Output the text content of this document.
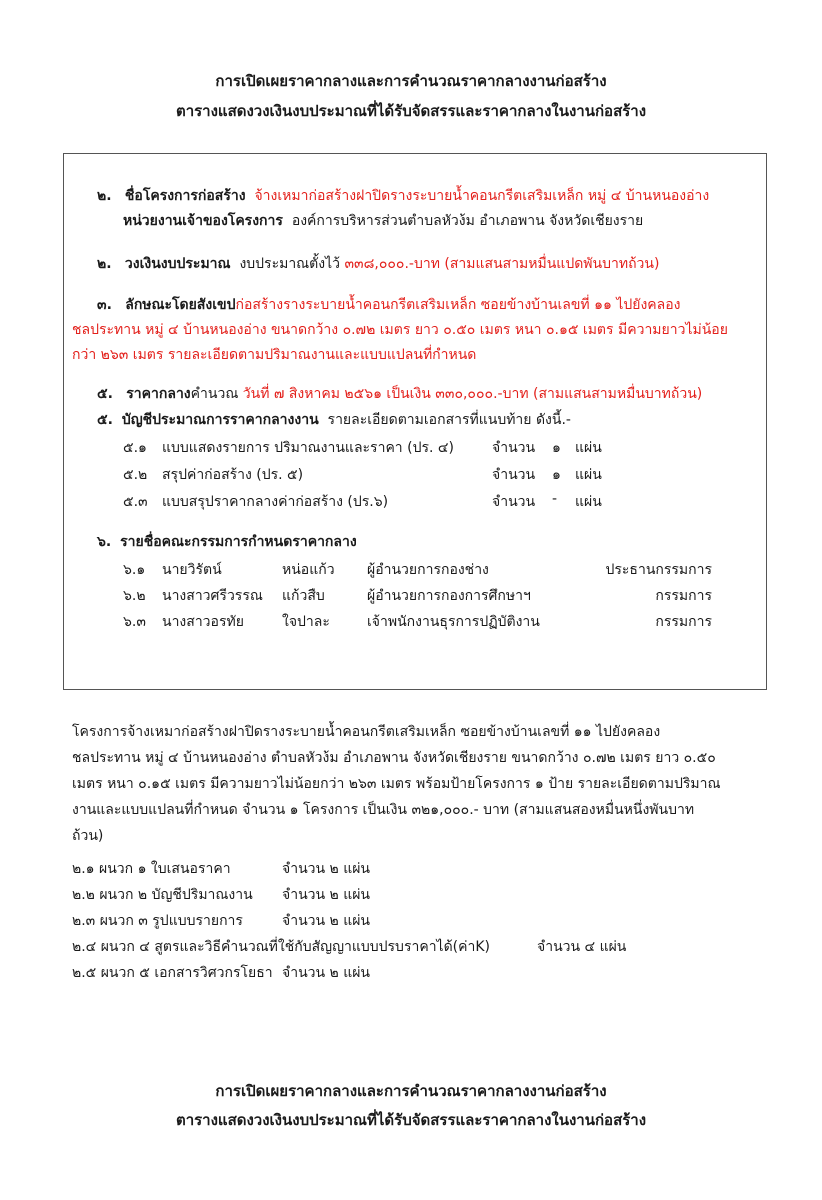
การเปิดเผยราคากลางและการคำนวณราคากลางงานก่อสร้าง
ตารางแสดงวงเงินงบประมาณที่ได้รับจัดสรรและราคากลางในงานก่อสร้าง
๒. ชื่อโครงการก่อสร้าง จ้างเหมาก่อสร้างฝาปิดรางระบายน้ำคอนกรีตเสริมเหล็ก หมู่ ๔ บ้านหนองอ่าง
หน่วยงานเจ้าของโครงการ องค์การบริหารส่วนตำบลหัวง้ม อำเภอพาน จังหวัดเชียงราย
๒. วงเงินงบประมาณ งบประมาณตั้งไว้ ๓๓๘,๐๐๐.-บาท (สามแสนสามหมื่นแปดพันบาทถ้วน)
๓. ลักษณะโดยสังเขปก่อสร้างรางระบายน้ำคอนกรีตเสริมเหล็ก ซอยข้างบ้านเลขที่ ๑๑ ไปยังคลอง
ชลประทาน หมู่ ๔ บ้านหนองอ่าง ขนาดกว้าง ๐.๗๒ เมตร ยาว ๐.๕๐ เมตร หนา ๐.๑๕ เมตร มีความยาวไม่น้อย
กว่า ๒๖๓ เมตร รายละเอียดตามปริมาณงานและแบบแปลนที่กำหนด
๕. ราคากลางคำนวณ วันที่ ๗ สิงหาคม ๒๕๖๑ เป็นเงิน ๓๓๐,๐๐๐.-บาท (สามแสนสามหมื่นบาทถ้วน)
๕. บัญชีประมาณการราคากลางงาน รายละเอียดตามเอกสารที่แนบท้าย ดังนี้.-
๕.๑ แบบแสดงรายการ ปริมาณงานและราคา (ปร. ๔)	จำนวน ๑ แผ่น
๕.๒ สรุปค่าก่อสร้าง (ปร. ๕)	จำนวน ๑ แผ่น
๕.๓ แบบสรุปราคากลางค่าก่อสร้าง (ปร.๖)	จำนวน - แผ่น
๖. รายชื่อคณะกรรมการกำหนดราคากลาง
๖.๑ นายวิรัตน์	หน่อแก้ว ผู้อำนวยการกองช่าง	ประธานกรรมการ
๖.๒ นางสาวศรีวรรณ แก้วสืบ	ผู้อำนวยการกองการศึกษาฯ	กรรมการ
๖.๓ นางสาวอรทัย	ใจปาละ	เจ้าพนักงานธุรการปฏิบัติงาน	กรรมการ
โครงการจ้างเหมาก่อสร้างฝาปิดรางระบายน้ำคอนกรีตเสริมเหล็ก ซอยข้างบ้านเลขที่ ๑๑ ไปยังคลอง
ชลประทาน หมู่ ๔ บ้านหนองอ่าง ตำบลหัวง้ม อำเภอพาน จังหวัดเชียงราย ขนาดกว้าง ๐.๗๒ เมตร ยาว ๐.๕๐
เมตร หนา ๐.๑๕ เมตร มีความยาวไม่น้อยกว่า ๒๖๓ เมตร พร้อมป้ายโครงการ ๑ ป้าย รายละเอียดตามปริมาณ
งานและแบบแปลนที่กำหนด จำนวน ๑ โครงการ เป็นเงิน ๓๒๑,๐๐๐.- บาท (สามแสนสองหมื่นหนึ่งพันบาท
ถ้วน)
๒.๑ ผนวก ๑ ใบเสนอราคา	จำนวน ๒ แผ่น
๒.๒ ผนวก ๒ บัญชีปริมาณงาน จำนวน ๒ แผ่น
๒.๓ ผนวก ๓ รูปแบบรายการ	จำนวน ๒ แผ่น
๒.๔ ผนวก ๔ สูตรและวิธีคำนวณที่ใช้กับสัญญาแบบปรบราคาได้(ค่าK)	จำนวน ๔ แผ่น
๒.๕ ผนวก ๕ เอกสารวิศวกรโยธา จำนวน ๒ แผ่น
การเปิดเผยราคากลางและการคำนวณราคากลางงานก่อสร้าง
ตารางแสดงวงเงินงบประมาณที่ได้รับจัดสรรและราคากลางในงานก่อสร้าง
